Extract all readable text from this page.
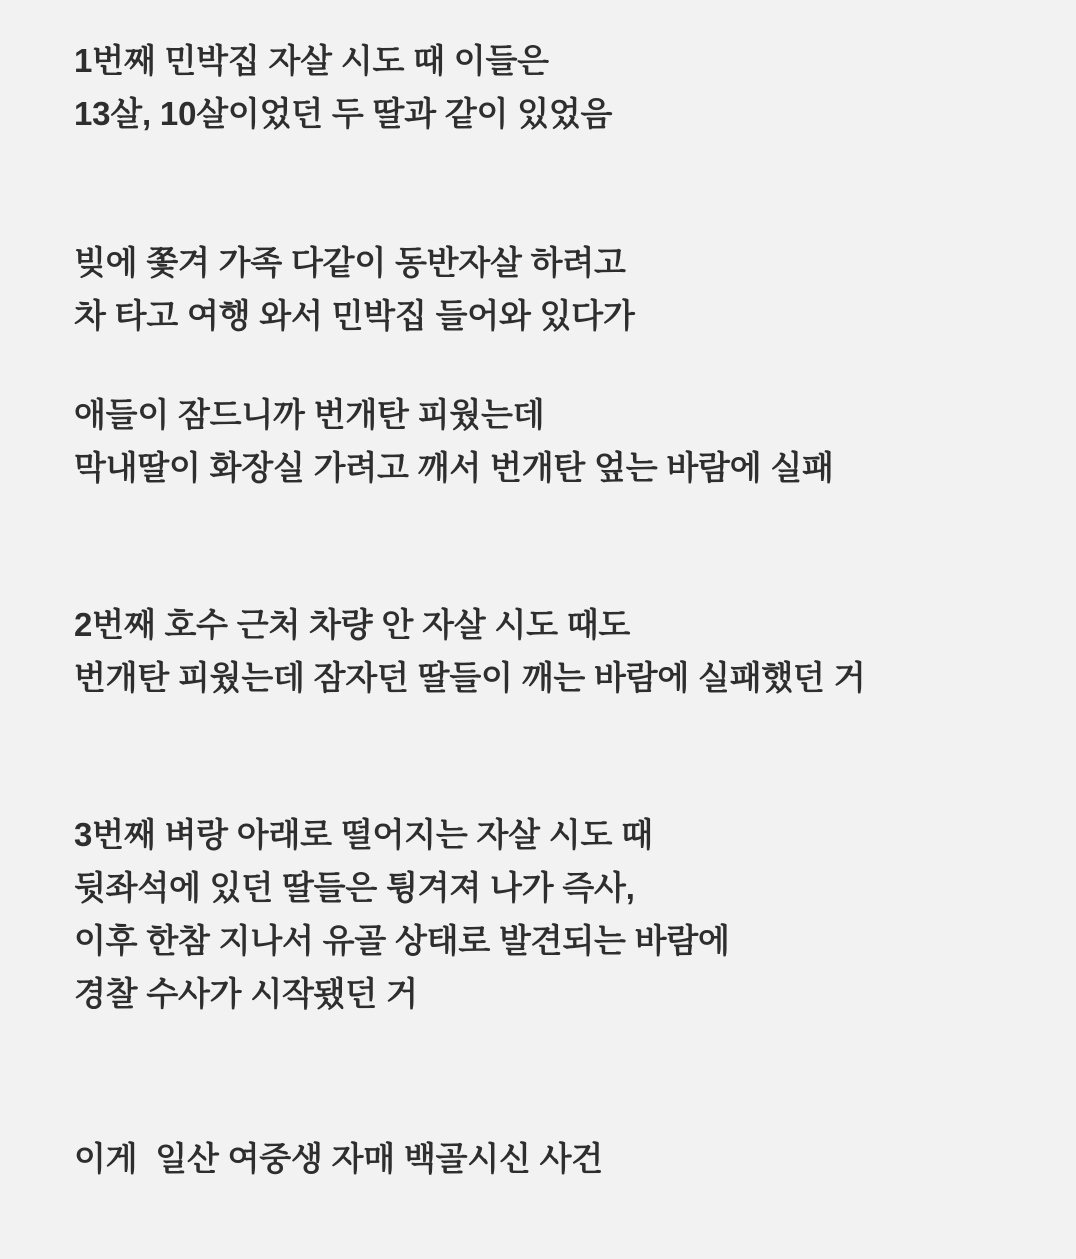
1번째 민박집 자살 시도 때 이들은
13살, 10살이었던 두 딸과 같이 있었음
빚에 쫓겨 가족 다같이 동반자살 하려고
차 타고 여행 와서 민박집 들어와 있다가
애들이 잠드니까 번개탄 피웠는데
막내딸이 화장실 가려고 깨서 번개탄 엎는 바람에 실패
2번째 호수 근처 차량 안 자살 시도 때도
번개탄 피웠는데 잠자던 딸들이 깨는 바람에 실패했던 거
3번째 벼랑 아래로 떨어지는 자살 시도 때
뒷좌석에 있던 딸들은 튕겨져 나가 즉사,
이후 한참 지나서 유골 상태로 발견되는 바람에
경찰 수사가 시작됐던 거
이게  일산 여중생 자매 백골시신 사건
